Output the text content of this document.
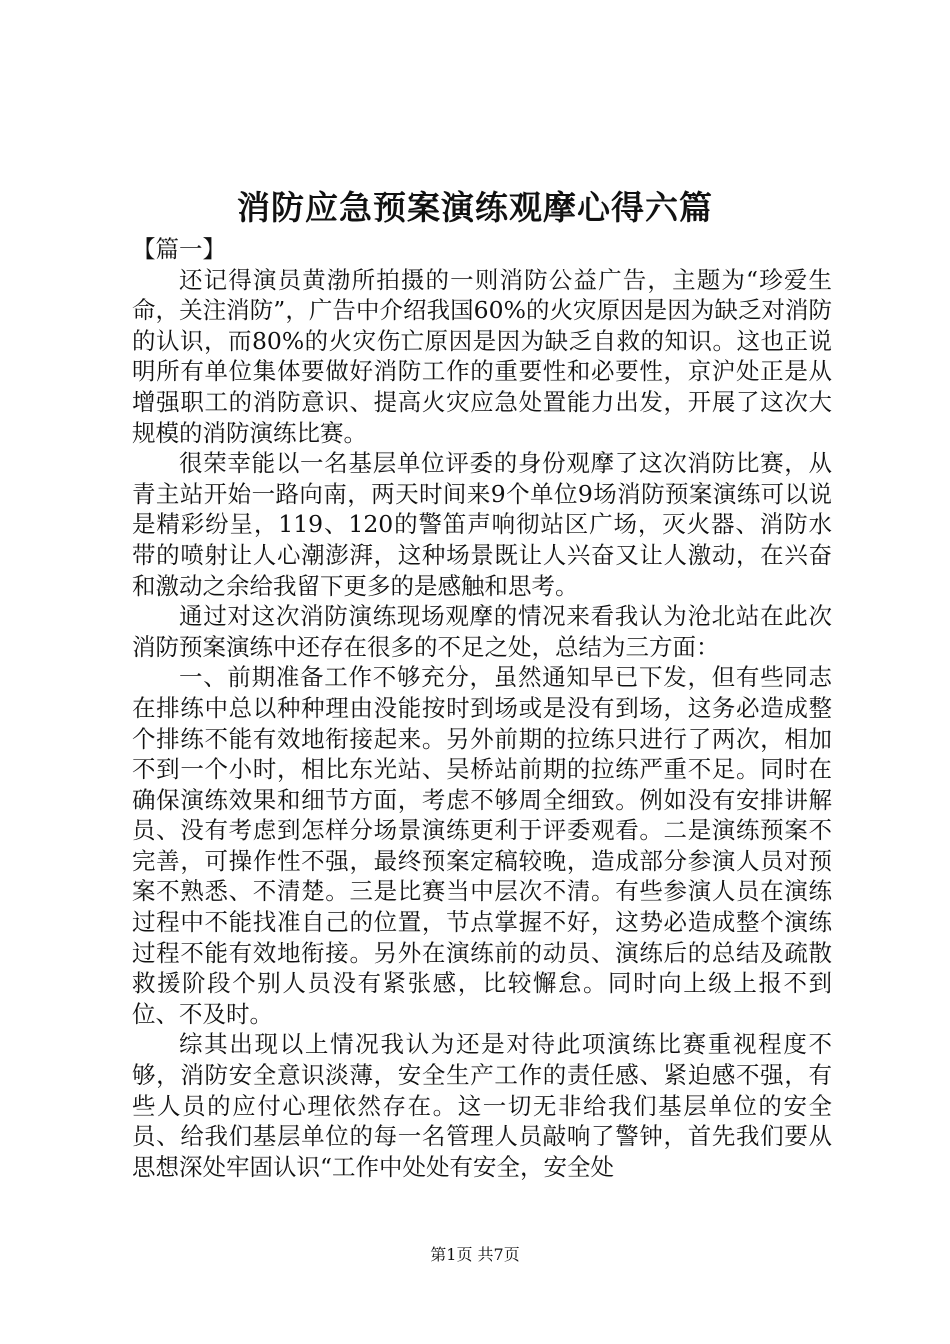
消防应急预案演练观摩心得六篇

【篇一】

还记得演员黄渤所拍摄的一则消防公益广告，主题为“珍爱生命，关注消防”，广告中介绍我国60%的火灾原因是因为缺乏对消防的认识，而80%的火灾伤亡原因是因为缺乏自救的知识。这也正说明所有单位集体要做好消防工作的重要性和必要性，京沪处正是从增强职工的消防意识、提高火灾应急处置能力出发，开展了这次大规模的消防演练比赛。

很荣幸能以一名基层单位评委的身份观摩了这次消防比赛，从青主站开始一路向南，两天时间来9个单位9场消防预案演练可以说是精彩纷呈，119、120的警笛声响彻站区广场，灭火器、消防水带的喷射让人心潮澎湃，这种场景既让人兴奋又让人激动，在兴奋和激动之余给我留下更多的是感触和思考。

通过对这次消防演练现场观摩的情况来看我认为沧北站在此次消防预案演练中还存在很多的不足之处，总结为三方面：

一、前期准备工作不够充分，虽然通知早已下发，但有些同志在排练中总以种种理由没能按时到场或是没有到场，这务必造成整个排练不能有效地衔接起来。另外前期的拉练只进行了两次，相加不到一个小时，相比东光站、吴桥站前期的拉练严重不足。同时在确保演练效果和细节方面，考虑不够周全细致。例如没有安排讲解员、没有考虑到怎样分场景演练更利于评委观看。二是演练预案不完善，可操作性不强，最终预案定稿较晚，造成部分参演人员对预案不熟悉、不清楚。三是比赛当中层次不清。有些参演人员在演练过程中不能找准自己的位置，节点掌握不好，这势必造成整个演练过程不能有效地衔接。另外在演练前的动员、演练后的总结及疏散救援阶段个别人员没有紧张感，比较懈怠。同时向上级上报不到位、不及时。

综其出现以上情况我认为还是对待此项演练比赛重视程度不够，消防安全意识淡薄，安全生产工作的责任感、紧迫感不强，有些人员的应付心理依然存在。这一切无非给我们基层单位的安全员、给我们基层单位的每一名管理人员敲响了警钟，首先我们要从思想深处牢固认识“工作中处处有安全，安全处

第1页 共7页
